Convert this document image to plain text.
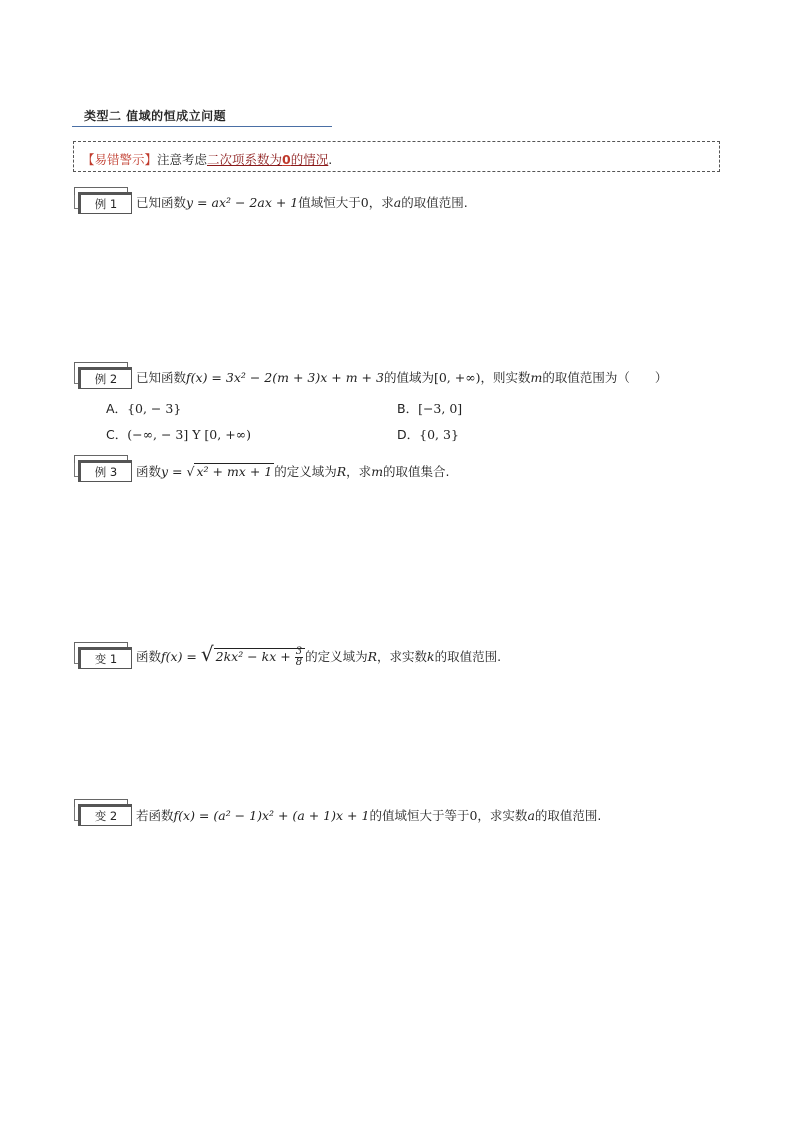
类型二 值域的恒成立问题
【易错警示】注意考虑二次项系数为0的情况.
例 1	已知函数y = ax² − 2ax + 1值域恒大于0，求a的取值范围.
例 2	已知函数f(x) = 3x² − 2(m + 3)x + m + 3的值域为[0, +∞)，则实数m的取值范围为（　　）
A．{0, − 3}	B．[−3, 0]
C．(−∞, − 3] Y [0, +∞)	D．{0, 3}
例 3	函数y = √ x² + mx + 1 的定义域为R，求m的取值集合.
变 1	函数f(x) = √ 2kx² − kx + $\frac{3}{8}$ 的定义域为R，求实数k的取值范围.
变 2	若函数f(x) = (a² − 1)x² + (a + 1)x + 1的值域恒大于等于0，求实数a的取值范围.
